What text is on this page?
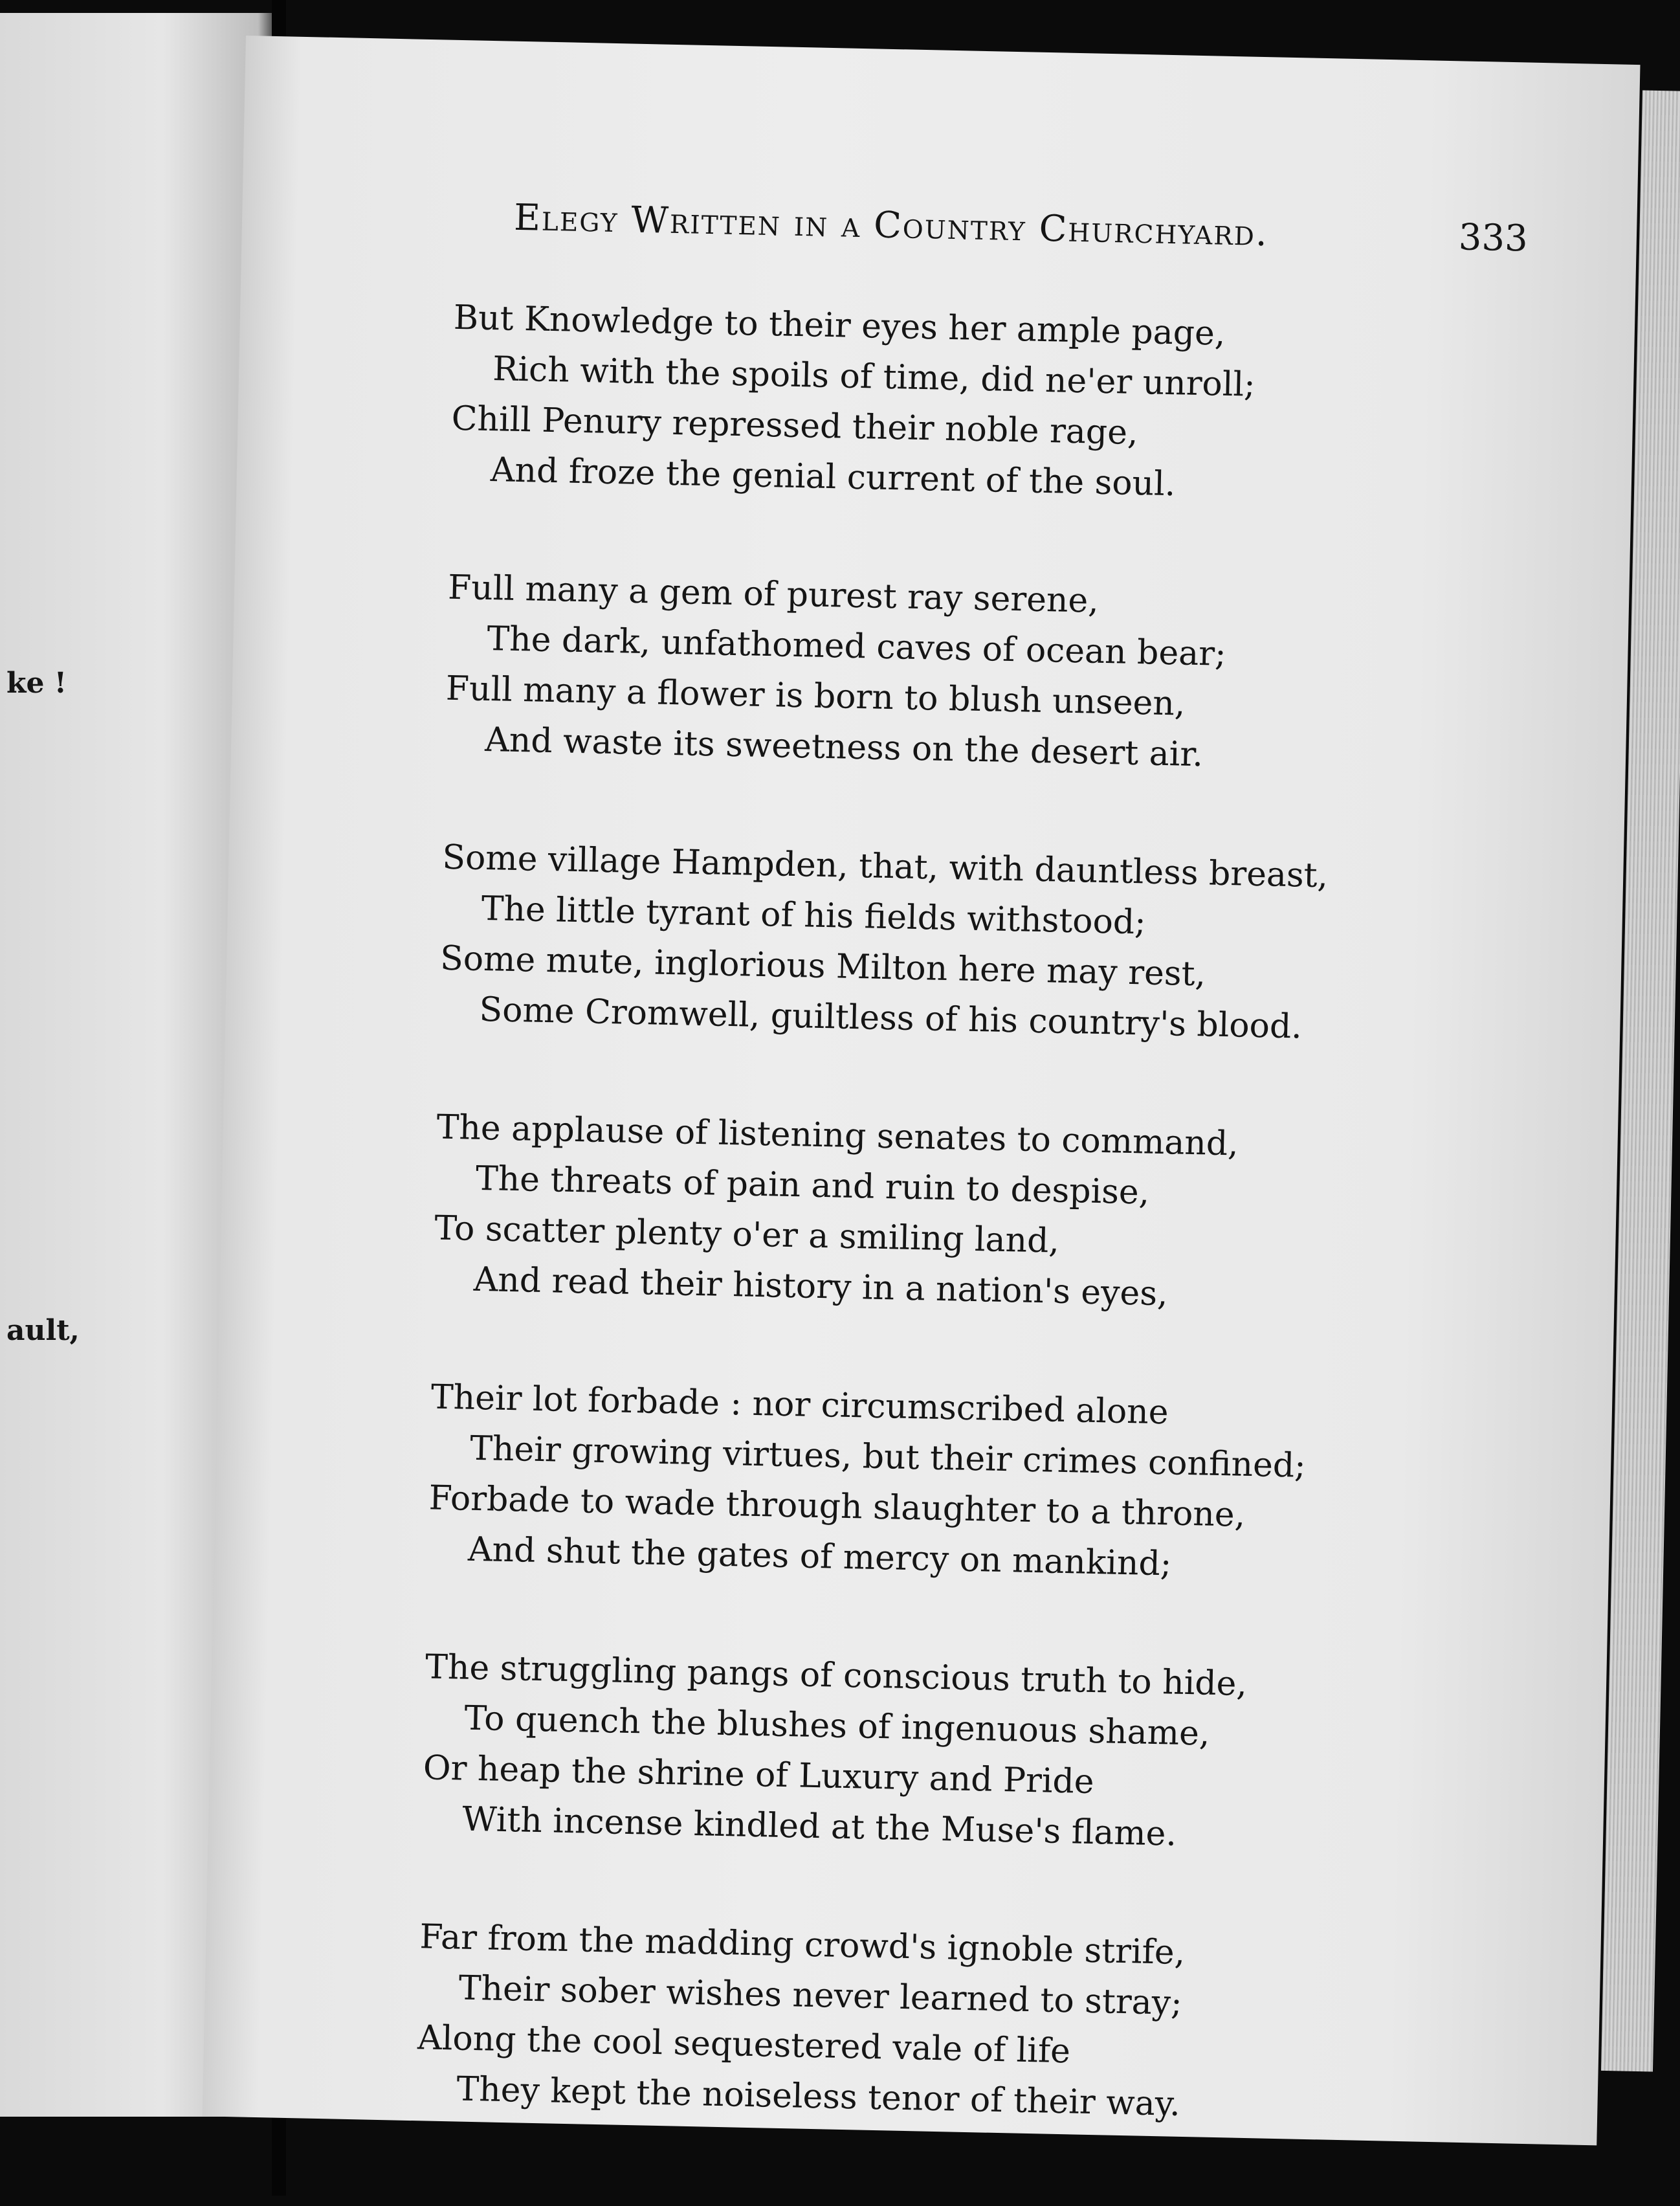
ke !
ault,
Elegy Written in a Country Churchyard.	333
But Knowledge to their eyes her ample page,
Rich with the spoils of time, did ne'er unroll;
Chill Penury repressed their noble rage,
And froze the genial current of the soul.
Full many a gem of purest ray serene,
The dark, unfathomed caves of ocean bear;
Full many a flower is born to blush unseen,
And waste its sweetness on the desert air.
Some village Hampden, that, with dauntless breast,
The little tyrant of his fields withstood;
Some mute, inglorious Milton here may rest,
Some Cromwell, guiltless of his country's blood.
The applause of listening senates to command,
The threats of pain and ruin to despise,
To scatter plenty o'er a smiling land,
And read their history in a nation's eyes,
Their lot forbade : nor circumscribed alone
Their growing virtues, but their crimes confined;
Forbade to wade through slaughter to a throne,
And shut the gates of mercy on mankind;
The struggling pangs of conscious truth to hide,
To quench the blushes of ingenuous shame,
Or heap the shrine of Luxury and Pride
With incense kindled at the Muse's flame.
Far from the madding crowd's ignoble strife,
Their sober wishes never learned to stray;
Along the cool sequestered vale of life
They kept the noiseless tenor of their way.
